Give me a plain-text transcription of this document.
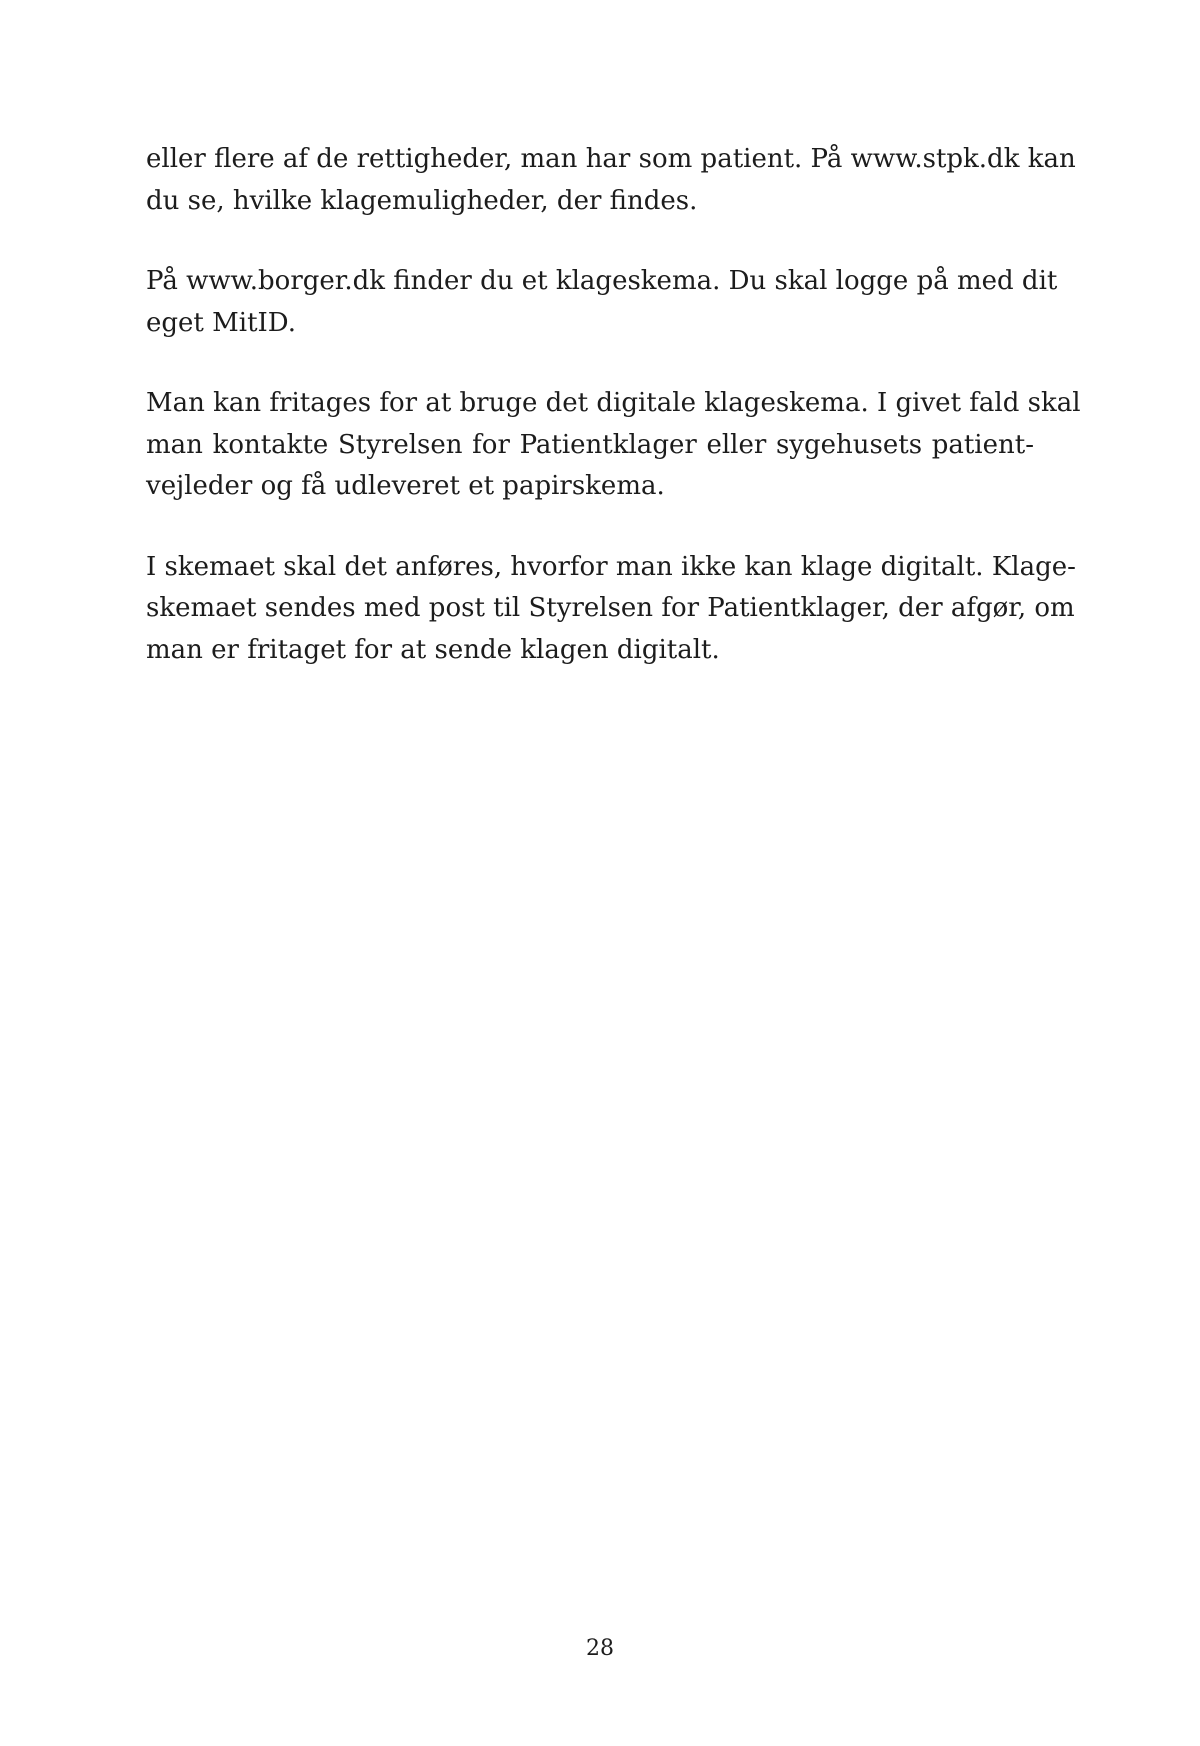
eller flere af de rettigheder, man har som patient. På www.stpk.dk kan
du se, hvilke klagemuligheder, der findes.

På www.borger.dk finder du et klageskema. Du skal logge på med dit
eget MitID.

Man kan fritages for at bruge det digitale klageskema. I givet fald skal
man kontakte Styrelsen for Patientklager eller sygehusets patient-
vejleder og få udleveret et papirskema.

I skemaet skal det anføres, hvorfor man ikke kan klage digitalt. Klage-
skemaet sendes med post til Styrelsen for Patientklager, der afgør, om
man er fritaget for at sende klagen digitalt.

28
